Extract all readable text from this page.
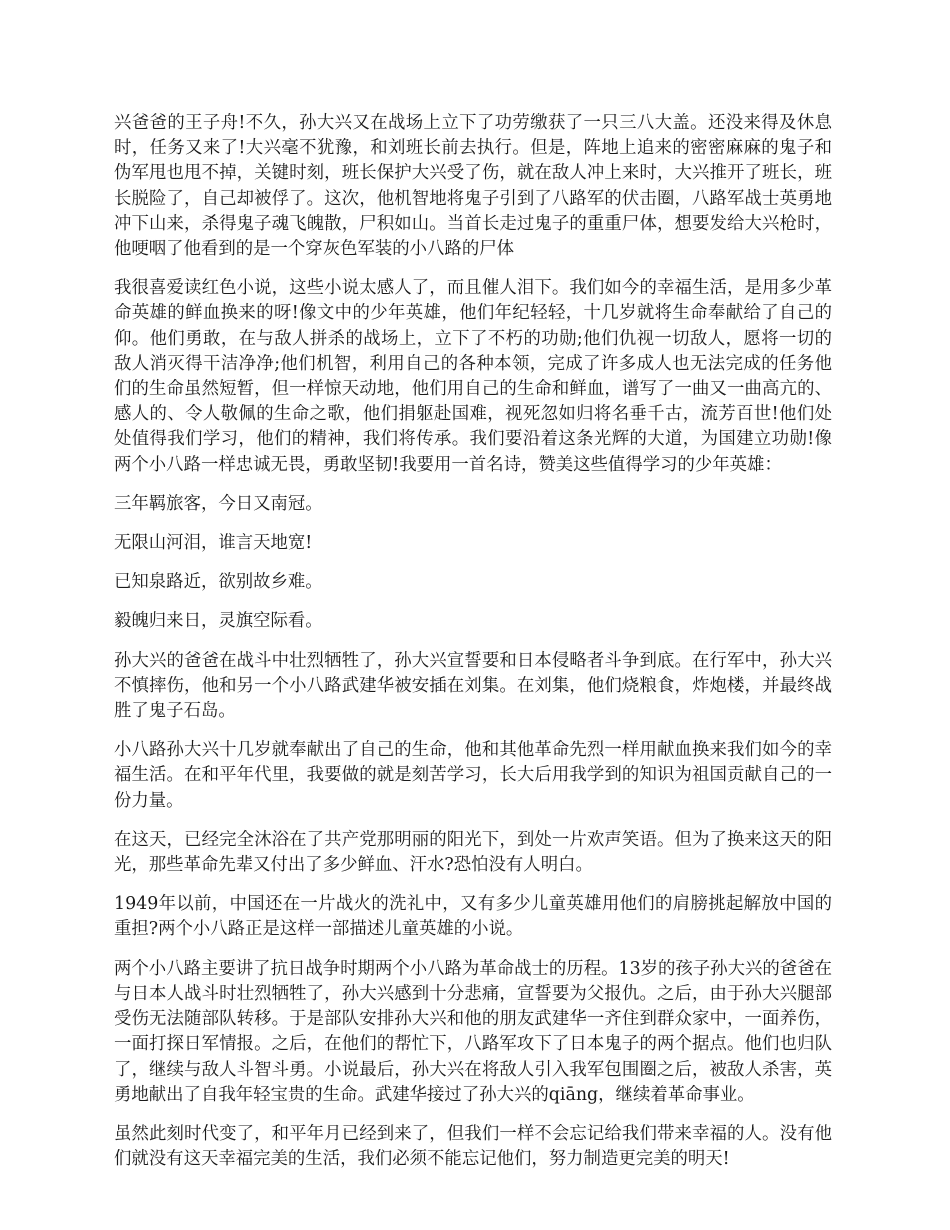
兴爸爸的王子舟!不久，孙大兴又在战场上立下了功劳缴获了一只三八大盖。还没来得及休息时，任务又来了!大兴毫不犹豫，和刘班长前去执行。但是，阵地上追来的密密麻麻的鬼子和伪军甩也甩不掉，关键时刻，班长保护大兴受了伤，就在敌人冲上来时，大兴推开了班长，班长脱险了，自己却被俘了。这次，他机智地将鬼子引到了八路军的伏击圈，八路军战士英勇地冲下山来，杀得鬼子魂飞魄散，尸积如山。当首长走过鬼子的重重尸体，想要发给大兴枪时，他哽咽了他看到的是一个穿灰色军装的小八路的尸体

我很喜爱读红色小说，这些小说太感人了，而且催人泪下。我们如今的幸福生活，是用多少革命英雄的鲜血换来的呀!像文中的少年英雄，他们年纪轻轻，十几岁就将生命奉献给了自己的仰。他们勇敢，在与敌人拼杀的战场上，立下了不朽的功勋;他们仇视一切敌人，愿将一切的敌人消灭得干洁净净;他们机智，利用自己的各种本领，完成了许多成人也无法完成的任务他们的生命虽然短暂，但一样惊天动地，他们用自己的生命和鲜血，谱写了一曲又一曲高亢的、感人的、令人敬佩的生命之歌，他们捐躯赴国难，视死忽如归将名垂千古，流芳百世!他们处处值得我们学习，他们的精神，我们将传承。我们要沿着这条光辉的大道，为国建立功勋!像两个小八路一样忠诚无畏，勇敢坚韧!我要用一首名诗，赞美这些值得学习的少年英雄：

三年羁旅客，今日又南冠。

无限山河泪，谁言天地宽!

已知泉路近，欲别故乡难。

毅魄归来日，灵旗空际看。

孙大兴的爸爸在战斗中壮烈牺牲了，孙大兴宣誓要和日本侵略者斗争到底。在行军中，孙大兴不慎摔伤，他和另一个小八路武建华被安插在刘集。在刘集，他们烧粮食，炸炮楼，并最终战胜了鬼子石岛。

小八路孙大兴十几岁就奉献出了自己的生命，他和其他革命先烈一样用献血换来我们如今的幸福生活。在和平年代里，我要做的就是刻苦学习，长大后用我学到的知识为祖国贡献自己的一份力量。

在这天，已经完全沐浴在了共产党那明丽的阳光下，到处一片欢声笑语。但为了换来这天的阳光，那些革命先辈又付出了多少鲜血、汗水?恐怕没有人明白。

1949年以前，中国还在一片战火的洗礼中，又有多少儿童英雄用他们的肩膀挑起解放中国的重担?两个小八路正是这样一部描述儿童英雄的小说。

两个小八路主要讲了抗日战争时期两个小八路为革命战士的历程。13岁的孩子孙大兴的爸爸在与日本人战斗时壮烈牺牲了，孙大兴感到十分悲痛，宣誓要为父报仇。之后，由于孙大兴腿部受伤无法随部队转移。于是部队安排孙大兴和他的朋友武建华一齐住到群众家中，一面养伤，一面打探日军情报。之后，在他们的帮忙下，八路军攻下了日本鬼子的两个据点。他们也归队了，继续与敌人斗智斗勇。小说最后，孙大兴在将敌人引入我军包围圈之后，被敌人杀害，英勇地献出了自我年轻宝贵的生命。武建华接过了孙大兴的qiāng，继续着革命事业。

虽然此刻时代变了，和平年月已经到来了，但我们一样不会忘记给我们带来幸福的人。没有他们就没有这天幸福完美的生活，我们必须不能忘记他们，努力制造更完美的明天!
